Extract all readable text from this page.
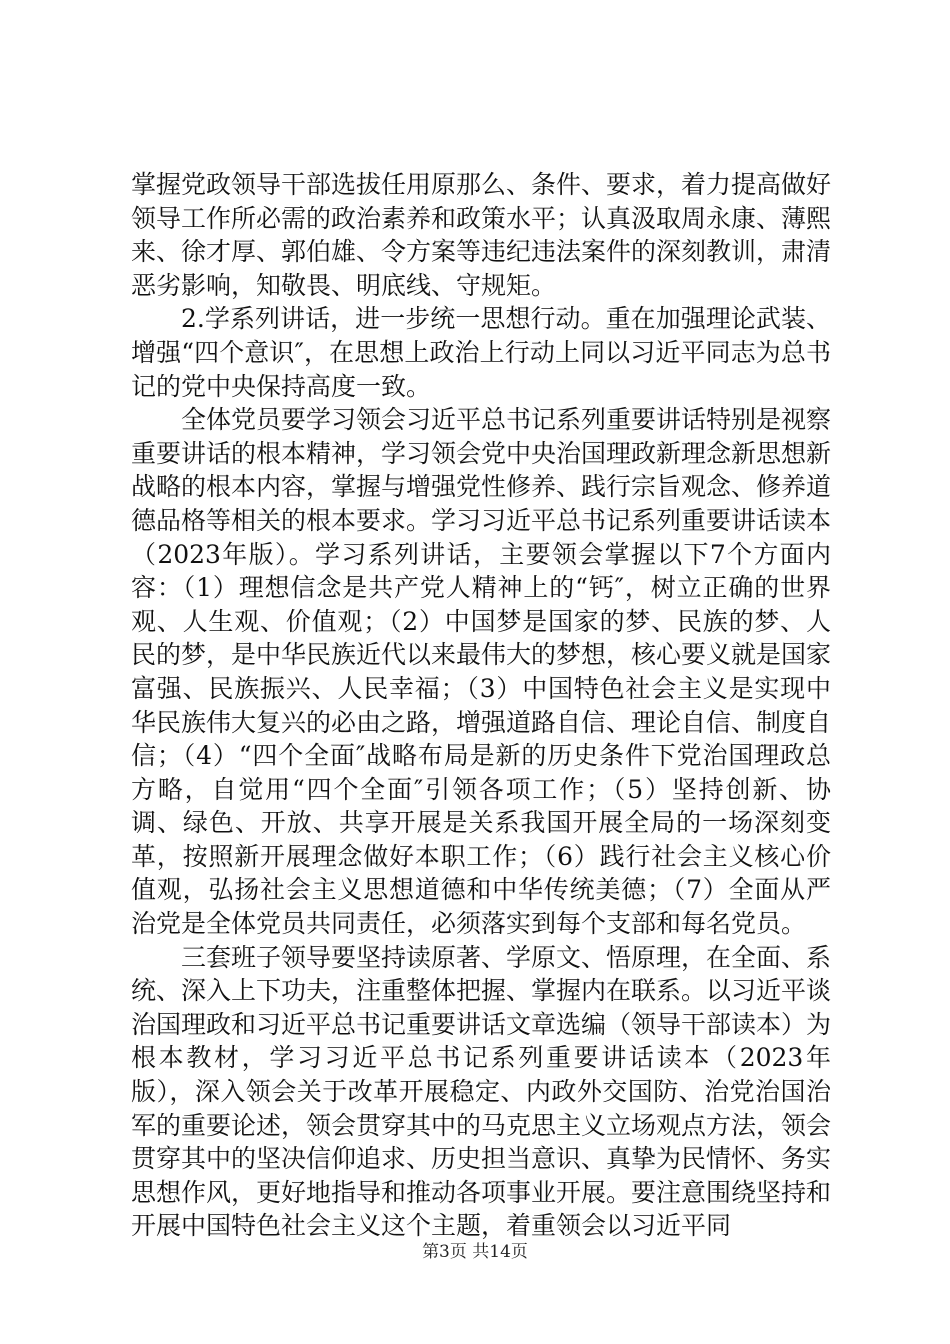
掌握党政领导干部选拔任用原那么、条件、要求，着力提高做好领导工作所必需的政治素养和政策水平；认真汲取周永康、薄熙来、徐才厚、郭伯雄、令方案等违纪违法案件的深刻教训，肃清恶劣影响，知敬畏、明底线、守规矩。

2.学系列讲话，进一步统一思想行动。重在加强理论武装、增强“四个意识″，在思想上政治上行动上同以习近平同志为总书记的党中央保持高度一致。

全体党员要学习领会习近平总书记系列重要讲话特别是视察重要讲话的根本精神，学习领会党中央治国理政新理念新思想新战略的根本内容，掌握与增强党性修养、践行宗旨观念、修养道德品格等相关的根本要求。学习习近平总书记系列重要讲话读本（2023年版）。学习系列讲话，主要领会掌握以下7个方面内容：（1）理想信念是共产党人精神上的“钙″，树立正确的世界观、人生观、价值观；（2）中国梦是国家的梦、民族的梦、人民的梦，是中华民族近代以来最伟大的梦想，核心要义就是国家富强、民族振兴、人民幸福；（3）中国特色社会主义是实现中华民族伟大复兴的必由之路，增强道路自信、理论自信、制度自信；（4）“四个全面″战略布局是新的历史条件下党治国理政总方略，自觉用“四个全面″引领各项工作；（5）坚持创新、协调、绿色、开放、共享开展是关系我国开展全局的一场深刻变革，按照新开展理念做好本职工作；（6）践行社会主义核心价值观，弘扬社会主义思想道德和中华传统美德；（7）全面从严治党是全体党员共同责任，必须落实到每个支部和每名党员。

三套班子领导要坚持读原著、学原文、悟原理，在全面、系统、深入上下功夫，注重整体把握、掌握内在联系。以习近平谈治国理政和习近平总书记重要讲话文章选编（领导干部读本）为根本教材，学习习近平总书记系列重要讲话读本（2023年版），深入领会关于改革开展稳定、内政外交国防、治党治国治军的重要论述，领会贯穿其中的马克思主义立场观点方法，领会贯穿其中的坚决信仰追求、历史担当意识、真挚为民情怀、务实思想作风，更好地指导和推动各项事业开展。要注意围绕坚持和开展中国特色社会主义这个主题，着重领会以习近平同

第3页 共14页
